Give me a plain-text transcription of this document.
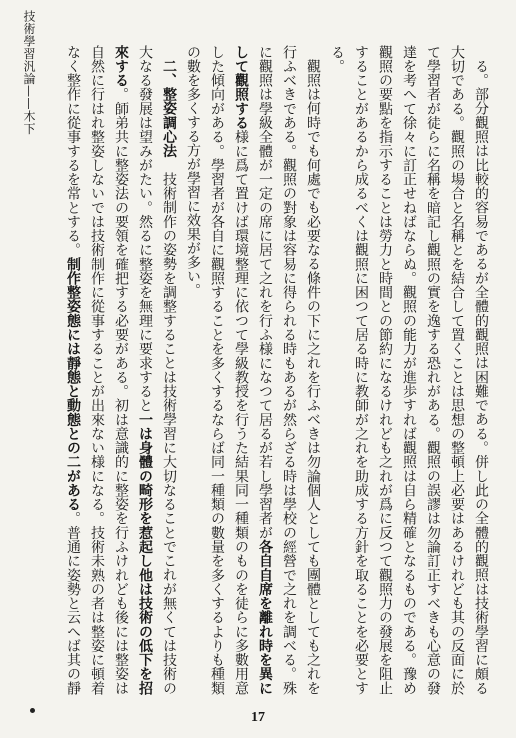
技術學習汎論——木下	る。部分觀照は比較的容易であるが全體的觀照は困難である。併し此の全體的觀照は技術學習に頗る大切である。觀照の場合と名稱とを結合して置くことは思想の整頓上必要はあるけれども其の反面に於て學習者が徒らに名稱を暗記し觀照の實を逸する恐れがある。觀照の誤謬は勿論訂正すべきも心意の發達を考へて徐々に訂正せねばならぬ。觀照の能力が進歩すれば觀照は自ら精確となるものである。豫め觀照の要點を指示することは勞力と時間との節約になるけれども之れが爲に反つて觀照力の發展を阻止することがあるから成るべくは觀照に困つて居る時に教師が之れを助成する方針を取ることを必要とする。

觀照は何時でも何處でも必要なる條件の下に之れを行ふべきは勿論個人としても團體としても之れを行ふべきである。觀照の對象は容易に得られる時もあるが然らざる時は學校の經營で之れを調べる。殊に觀照は學級全體が一定の席に居て之れを行ふ様になつて居るが若し學習者が各自自席を離れ時を異にして觀照する様に爲て置けば環境整理に依つて學級教授を行うた結果同一種類のものを徒らに多數用意した傾向がある。學習者が各自に觀照することを多くするならば同一種類の數量を多くするよりも種類の數を多くする方が學習に效果が多い。

二、整姿調心法　技術制作の姿勢を調整することは技術學習に大切なることでこれが無くては技術の大なる發展は望みがたい。然るに整姿を無理に要求すると一は身體の畸形を惹起し他は技術の低下を招來する。師弟共に整姿法の要領を確把する必要がある。初は意識的に整姿を行ふけれども後には整姿は自然に行はれ整姿しないでは技術制作に從事することが出來ない様になる。技術未熟の者は整姿に頓着なく整作に從事するを常とする。制作整姿態には靜態と動態との二がある。普通に姿勢と云へば其の靜

17
